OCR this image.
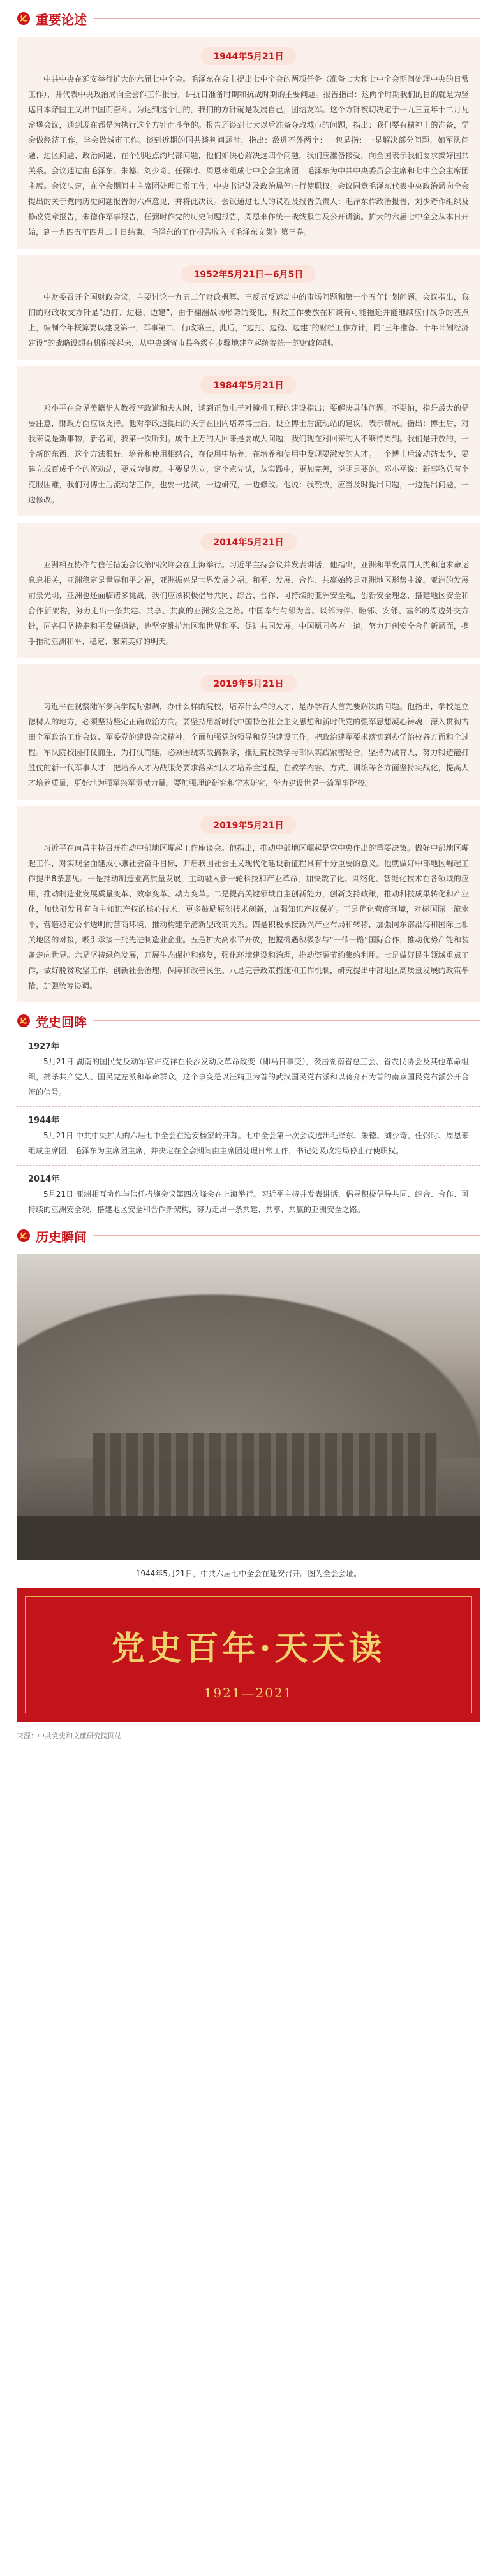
重要论述
1944年5月21日

中共中央在延安举行扩大的六届七中全会。毛泽东在会上提出七中全会的两项任务（准备七大和七中全会期间处理中央的日常工作），并代表中央政治局向全会作工作报告，讲抗日准备时期和抗战时期的主要问题。报告指出：这两个时期我们的目的就是为竖遮日本帝国主义出中国而奋斗。为达到这个目的，我们的方针就是发展自己，团结友军。这个方针被切决定于一九三五年十二月瓦窑堡会议，通到现在都是为执行这个方针而斗争的。报告还谈到七大以后准备夺取城市的问题，指出：我们要有精神上的准备，学会做经济工作，学会做城市工作。谈到近期的国共谈判问题时，指出：敌进不外两个：一包是指：一是解决部分问题，如军队问题、边区问题、政治问题，在个别地点约局部问题，他们如决心解决这四个问题，我们应准备接受，向全国表示我们要求搞好国共关系。会议通过由毛泽东、朱德、刘少奇、任弼时、周恩来组成七中全会主席团，毛泽东为中共中央委员会主席和七中全会主席团主席。会议决定，在全会期间由主席团处理日常工作，中央书记处及政治局停止行使职权。会议同意毛泽东代表中央政治局向全会提出的关于党内历史问题报告的六点意见，并将此决议。会议通过七大的议程及报告负责人：毛泽东作政治报告，刘少奇作组织及修改党章报告，朱德作军事报告，任弼时作党的历史问题报告，周恩来作统一战线报告及公开讲演。扩大的六届七中全会从本日开始，到一九四五年四月二十日结束。毛泽东的工作报告收入《毛泽东文集》第三卷。

1952年5月21日—6月5日

中财委召开全国财政会议，主要讨论一九五二年财政概算、三反五反运动中的市场问题和第一个五年计划问题。会议指出，我们的财政收支方针是“边打、边稳、边建”，由于翻翻战场形势的变化，财政工作要放在和谈有可能拖延并能继续应付战争的基点上，编制今年概算要以建设第一，军事第二，行政第三，此后，“边打、边稳、边建”的财经工作方针，同“三年准备、十年计划经济建设”的战略设想有机衔接起来，从中央到省市县各级有步骤地建立起统筹统一的财政体制。

1984年5月21日

邓小平在会见美籍华人教授李政道和夫人时，谈到正负电子对撞机工程的建设指出：要解决具体问题，不要怕，指是最大的是要注意，财政方面应该支持。他对李政道提出的关于在国内培养博士后，设立博士后流动站的建议，表示赞成。指出：博士后，对我来说是新事物，新名词，我第一次听到。成千上万的人回来是要成大问题，我们现在对回来的人不够待周到。我们是开放的，一个新的东西，这个方法很好，培养和使用相结合，在使用中培养，在培养和使用中发现要激发的人才。十个博士后流动站太少，要建立成百成千个的流动站，要成为制度。主要是先立，定个点先试，从实践中，更加完善，说明是要的。邓小平说：新事物总有个克服困难，我们对博士后流动站工作，也要一边试，一边研究，一边修改。他说：我赞成，应当及时提出问题，一边提出问题，一边修改。

2014年5月21日

亚洲相互协作与信任措施会议第四次峰会在上海举行。习近平主持会议并发表讲话，他指出，亚洲和平发展同人类和追求命运息息相关，亚洲稳定是世界和平之福，亚洲振兴是世界发展之福。和平、发展、合作、共赢始终是亚洲地区形势主流。亚洲的发展前景光明，亚洲也还面临诸多挑战，我们应该积极倡导共同、综合、合作、可持续的亚洲安全观，创新安全理念，搭建地区安全和合作新架构，努力走出一条共建、共享、共赢的亚洲安全之路。中国奉行与邻为善、以邻为伴、睦邻、安邻、富邻的周边外交方针，同各国坚持走和平发展道路，也坚定维护地区和世界和平、促进共同发展。中国愿同各方一道，努力开创安全合作新局面，携手推动亚洲和平、稳定、繁荣美好的明天。

2019年5月21日

习近平在视察陆军步兵学院时强调，办什么样的院校，培养什么样的人才，是办学育人首先要解决的问题。他指出，学校是立德树人的地方，必须坚持坚定正确政治方向。要坚持用新时代中国特色社会主义思想和新时代党的强军思想凝心铸魂，深入贯彻古田全军政治工作会议、军委党的建设会议精神，全面加强党的领导和党的建设工作，把政治建军要求落实到办学治校各方面和全过程。军队院校因打仗而生，为打仗而建，必须围绕实战搞教学，推进院校教学与部队实践紧密结合，坚持为战育人，努力锻造能打胜仗的新一代军事人才，把培养人才为战服务要求落实到人才培养全过程，在教学内容、方式、训练等各方面坚持实战化，提高人才培养质量，更好地为强军兴军贡献力量。要加强理论研究和学术研究，努力建设世界一流军事院校。

2019年5月21日

习近平在南昌主持召开推动中部地区崛起工作座谈会。他指出，推动中部地区崛起是党中央作出的重要决策。做好中部地区崛起工作，对实现全面建成小康社会奋斗目标，开启我国社会主义现代化建设新征程具有十分重要的意义。他就做好中部地区崛起工作提出8条意见。一是推动制造业高质量发展，主动融入新一轮科技和产业革命，加快数字化、网络化、智能化技术在各领域的应用，推动制造业发展质量变革、效率变革、动力变革。二是提高关键领域自主创新能力，创新支持政策，推动科技成果转化和产业化，加快研发具有自主知识产权的核心技术，更多鼓励原创技术创新，加强知识产权保护。三是优化营商环境，对标国际一流水平，营造稳定公平透明的营商环境，推动构建亲清新型政商关系。四是积极承接新兴产业布局和转移，加强同东部沿海和国际上相关地区的对接，吸引承接一批先进制造业企业。五是扩大高水平开放，把握机遇积极参与“一带一路”国际合作，推动优势产能和装备走向世界。六是坚持绿色发展，开展生态保护和修复，强化环境建设和治理，推动资源节约集约利用。七是做好民生领域重点工作，做好脱贫攻坚工作，创新社会治理，保障和改善民生。八是完善政策措施和工作机制，研究提出中部地区高质量发展的政策举措，加强统筹协调。

党史回眸
1927年

5月21日 湖南的国民党反动军官许克祥在长沙发动反革命政变（即马日事变），袭击湖南省总工会、省农民协会及其他革命组织，捕杀共产党人、国民党左派和革命群众。这个事变是以汪精卫为首的武汉国民党右派和以蒋介石为首的南京国民党右派公开合流的信号。

1944年

5月21日 中共中央扩大的六届七中全会在延安杨家岭开幕。七中全会第一次会议选出毛泽东、朱德、刘少奇、任弼时、周恩来组成主席团，毛泽东为主席团主席，并决定在全会期间由主席团处理日常工作，书记处及政治局停止行使职权。

2014年

5月21日 亚洲相互协作与信任措施会议第四次峰会在上海举行。习近平主持并发表讲话，倡导积极倡导共同、综合、合作、可持续的亚洲安全观，搭建地区安全和合作新架构，努力走出一条共建、共享、共赢的亚洲安全之路。

历史瞬间
1944年5月21日，中共六届七中全会在延安召开。图为全会会址。
党史百年·天天读
1921—2021
来源：中共党史和文献研究院网站
